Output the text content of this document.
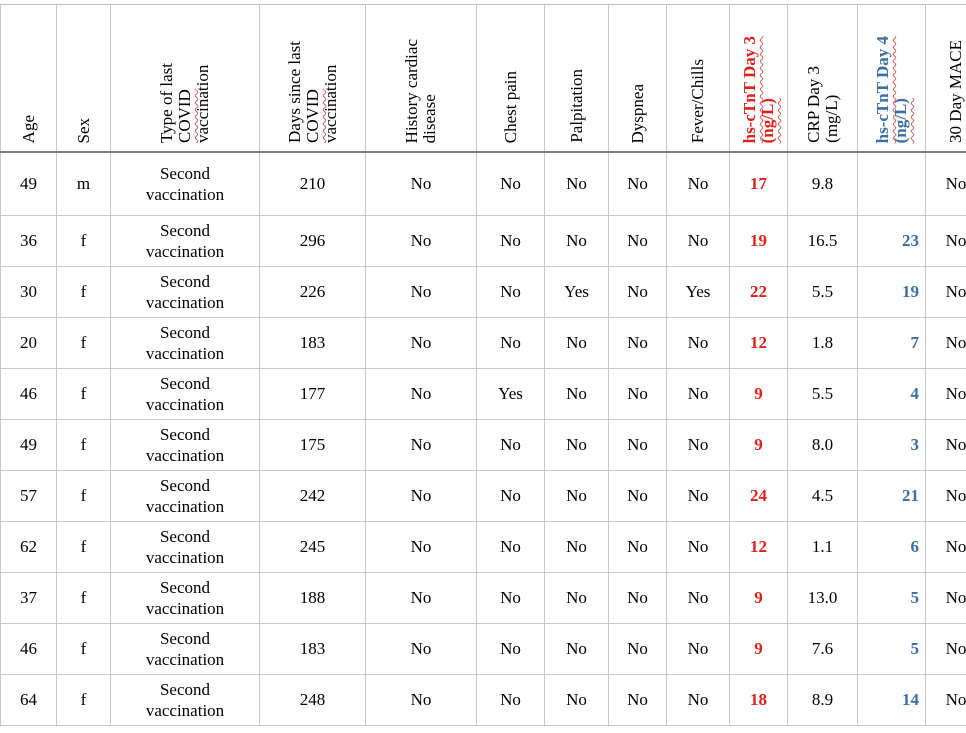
Age	Sex	Type of last
COVID
vaccination	Days since last
COVID
vaccination	History cardiac
disease	Chest pain	Palpitation	Dyspnea	Fever/Chills	hs-cTnT Day 3
(ng/L)	CRP Day 3
(mg/L)	hs-cTnT Day 4
(ng/L)	30 Day MACE

49	m	Second
vaccination	210	No	No	No	No	No	17	9.8		No
36	f	Second
vaccination	296	No	No	No	No	No	19	16.5	23	No
30	f	Second
vaccination	226	No	No	Yes	No	Yes	22	5.5	19	No
20	f	Second
vaccination	183	No	No	No	No	No	12	1.8	7	No
46	f	Second
vaccination	177	No	Yes	No	No	No	9	5.5	4	No
49	f	Second
vaccination	175	No	No	No	No	No	9	8.0	3	No
57	f	Second
vaccination	242	No	No	No	No	No	24	4.5	21	No
62	f	Second
vaccination	245	No	No	No	No	No	12	1.1	6	No
37	f	Second
vaccination	188	No	No	No	No	No	9	13.0	5	No
46	f	Second
vaccination	183	No	No	No	No	No	9	7.6	5	No
64	f	Second
vaccination	248	No	No	No	No	No	18	8.9	14	No
